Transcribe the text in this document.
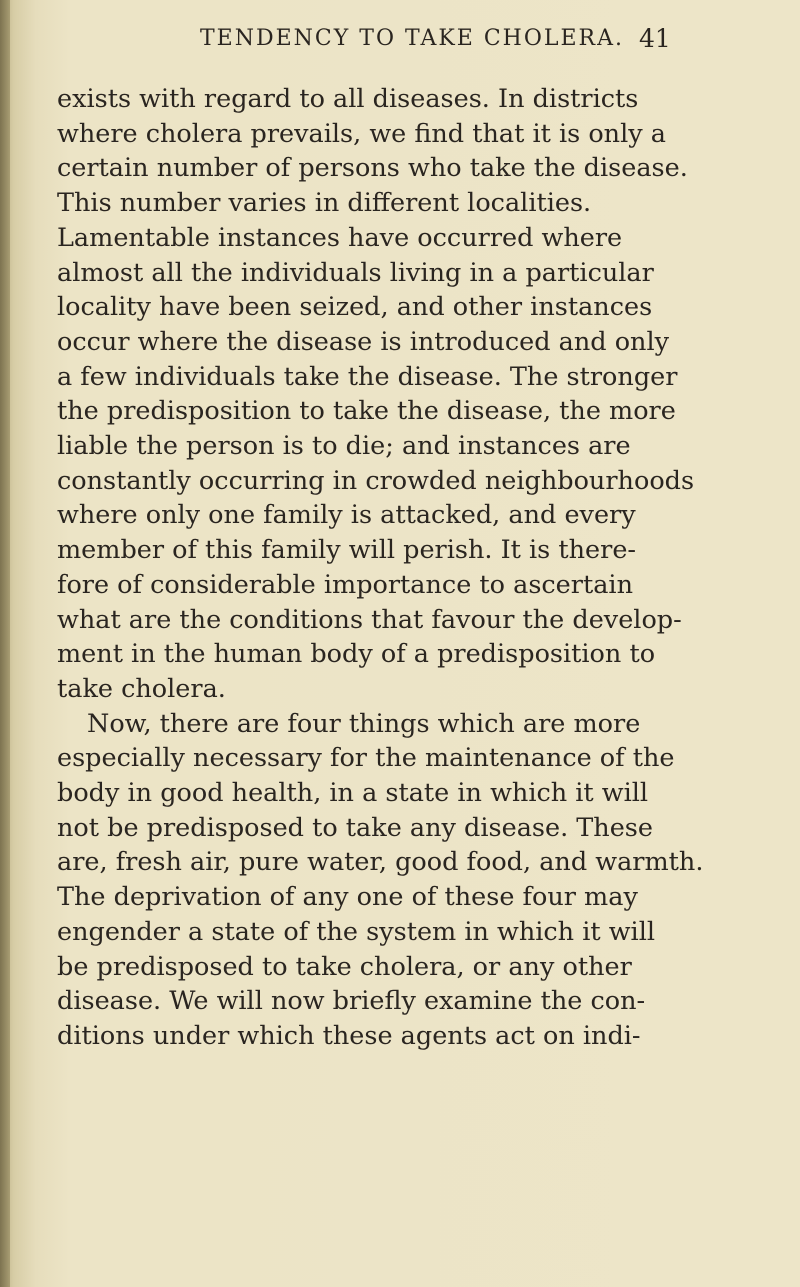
TENDENCY TO TAKE CHOLERA. 41
exists with regard to all diseases. In districts
where cholera prevails, we find that it is only a
certain number of persons who take the disease.
This number varies in different localities.
Lamentable instances have occurred where
almost all the individuals living in a particular
locality have been seized, and other instances
occur where the disease is introduced and only
a few individuals take the disease. The stronger
the predisposition to take the disease, the more
liable the person is to die; and instances are
constantly occurring in crowded neighbourhoods
where only one family is attacked, and every
member of this family will perish. It is there-
fore of considerable importance to ascertain
what are the conditions that favour the develop-
ment in the human body of a predisposition to
take cholera.
Now, there are four things which are more
especially necessary for the maintenance of the
body in good health, in a state in which it will
not be predisposed to take any disease. These
are, fresh air, pure water, good food, and warmth.
The deprivation of any one of these four may
engender a state of the system in which it will
be predisposed to take cholera, or any other
disease. We will now briefly examine the con-
ditions under which these agents act on indi-
